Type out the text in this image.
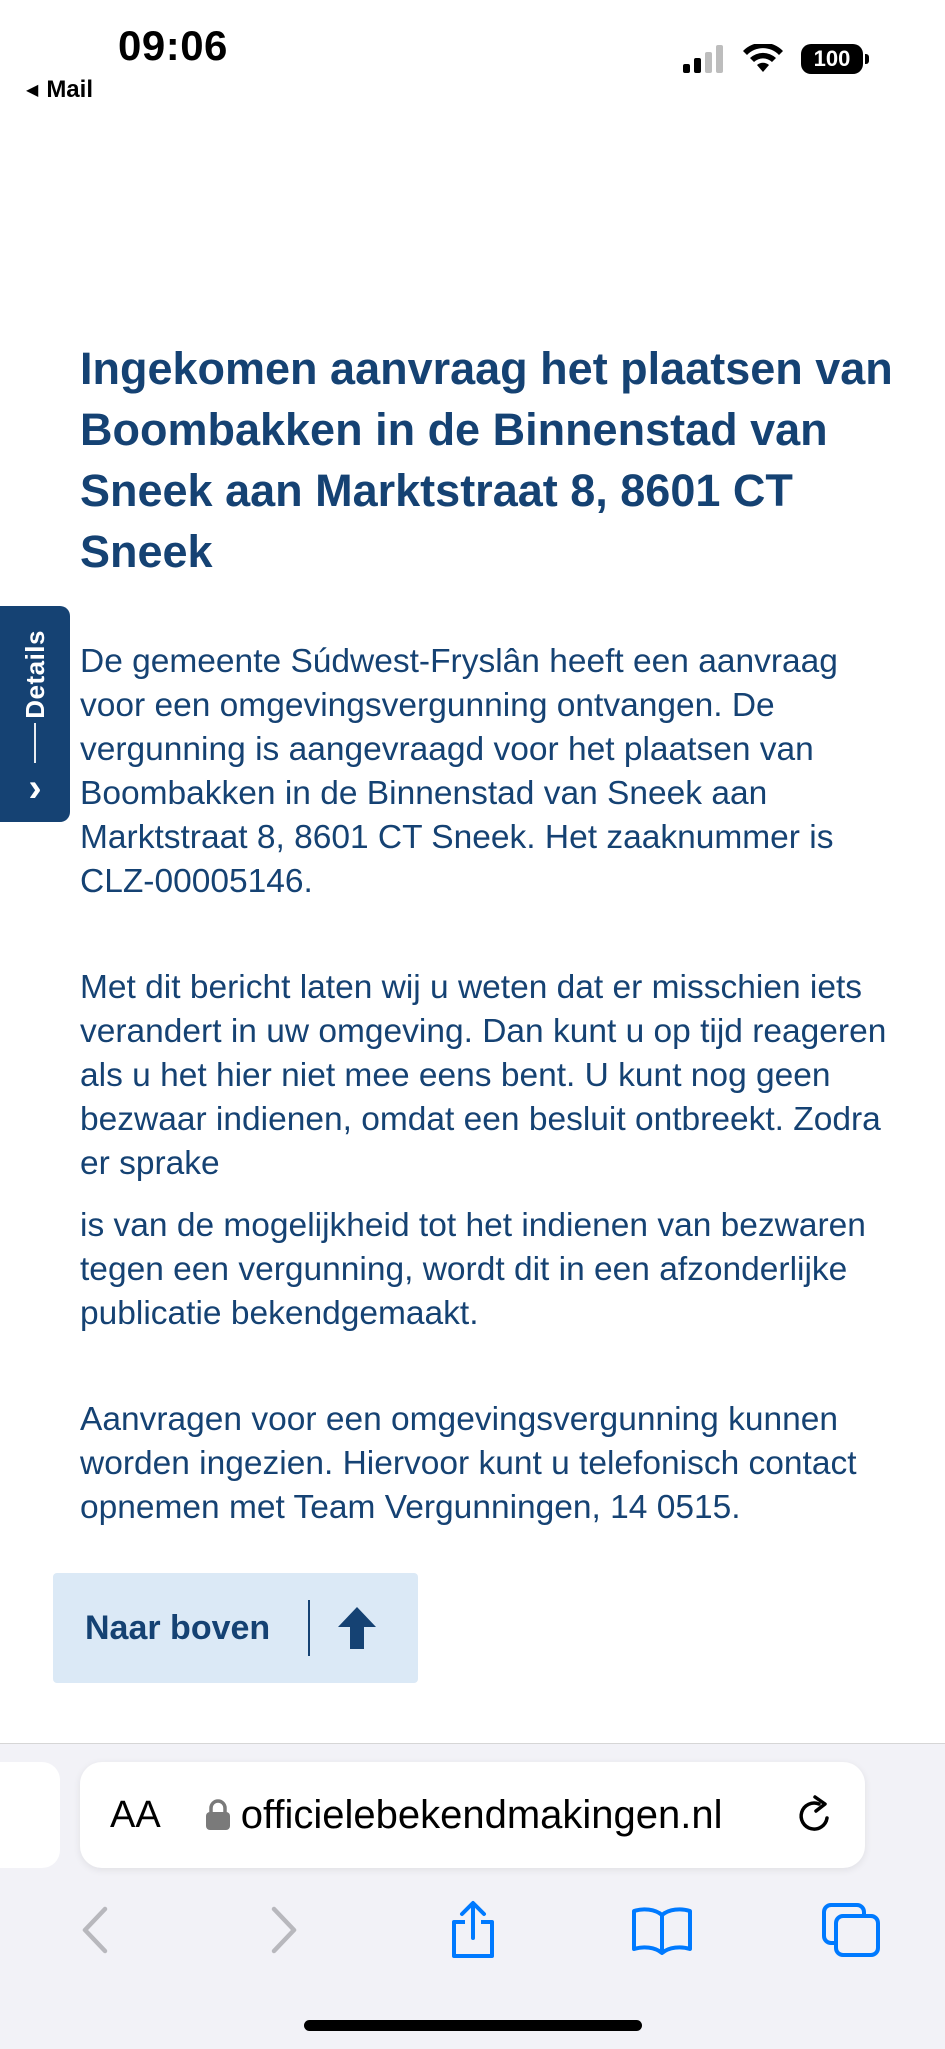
09:06
◀ Mail
100
Details
›
Ingekomen aanvraag het plaatsen van Boombakken in de Binnenstad van Sneek aan Marktstraat 8, 8601 CT Sneek

De gemeente Súdwest-Fryslân heeft een aanvraag voor een omgevingsvergunning ontvangen. De vergunning is aangevraagd voor het plaatsen van Boombakken in de Binnenstad van Sneek aan Marktstraat 8, 8601 CT Sneek. Het zaaknummer is CLZ-00005146.

Met dit bericht laten wij u weten dat er misschien iets verandert in uw omgeving. Dan kunt u op tijd reageren als u het hier niet mee eens bent. U kunt nog geen bezwaar indienen, omdat een besluit ontbreekt. Zodra er sprake

is van de mogelijkheid tot het indienen van bezwaren tegen een vergunning, wordt dit in een afzonderlijke publicatie bekendgemaakt.

Aanvragen voor een omgevingsvergunning kunnen worden ingezien. Hiervoor kunt u telefonisch contact opnemen met Team Vergunningen, 14 0515.

Naar boven
AA officielebekendmakingen.nl
